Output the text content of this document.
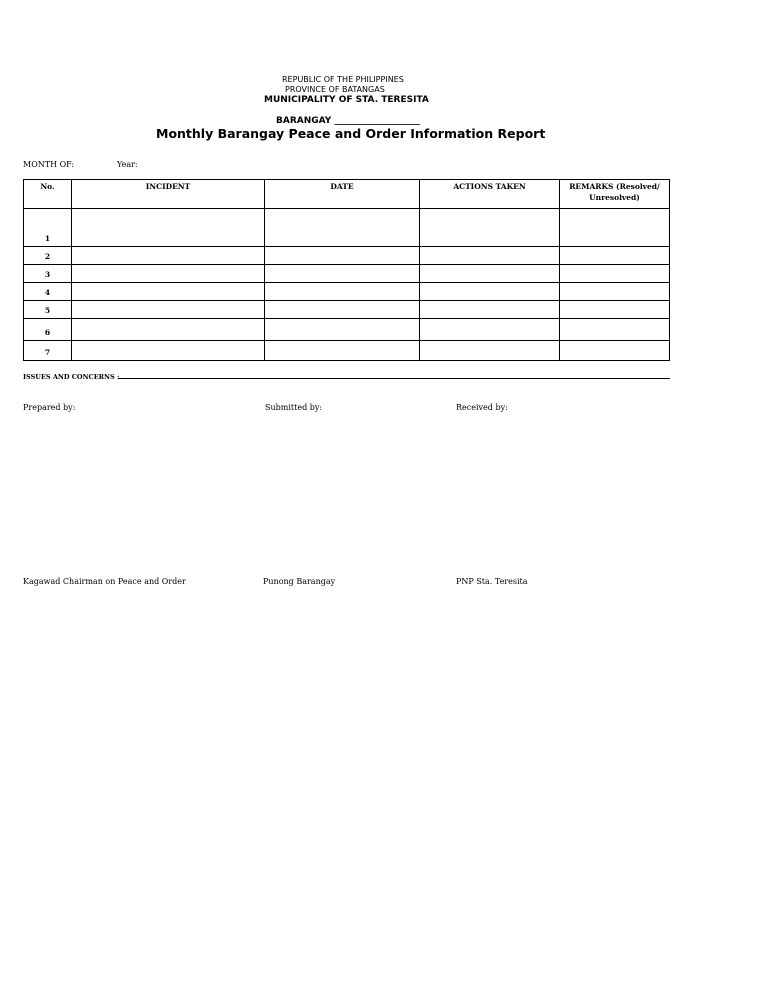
REPUBLIC OF THE PHILIPPINES
PROVINCE OF BATANGAS
MUNICIPALITY OF STA. TERESITA
BARANGAY ___________________
Monthly Barangay Peace and Order Information Report
MONTH OF:	Year:
No.	INCIDENT	DATE	ACTIONS TAKEN	REMARKS (Resolved/ Unresolved)
1				
2				
3				
4				
5				
6				
7				
ISSUES AND CONCERNS :
Prepared by:	Submitted by:	Received by:
Kagawad Chairman on Peace and Order	Punong Barangay	PNP Sta. Teresita
